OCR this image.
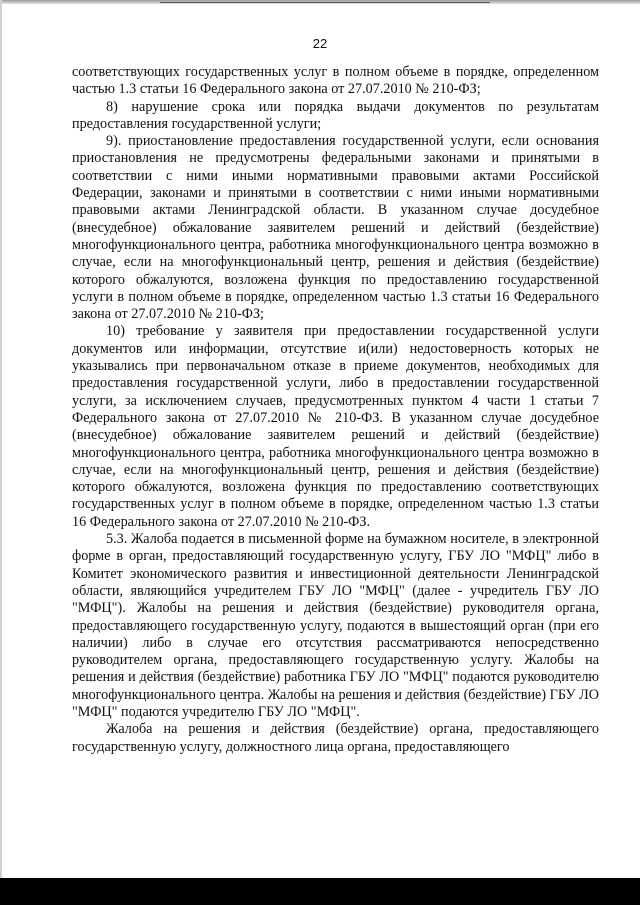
22

соответствующих государственных услуг в полном объеме в порядке, определенном частью 1.3 статьи 16 Федерального закона от 27.07.2010 № 210-ФЗ;

8) нарушение срока или порядка выдачи документов по результатам предоставления государственной услуги;

9). приостановление предоставления государственной услуги, если основания приостановления не предусмотрены федеральными законами и принятыми в соответствии с ними иными нормативными правовыми актами Российской Федерации, законами и принятыми в соответствии с ними иными нормативными правовыми актами Ленинградской области. В указанном случае досудебное (внесудебное) обжалование заявителем решений и действий (бездействие) многофункционального центра, работника многофункционального центра возможно в случае, если на многофункциональный центр, решения и действия (бездействие) которого обжалуются, возложена функция по предоставлению государственной услуги в полном объеме в порядке, определенном частью 1.3 статьи 16 Федерального закона от 27.07.2010 № 210-ФЗ;

10) требование у заявителя при предоставлении государственной услуги документов или информации, отсутствие и(или) недостоверность которых не указывались при первоначальном отказе в приеме документов, необходимых для предоставления государственной услуги, либо в предоставлении государственной услуги, за исключением случаев, предусмотренных пунктом 4 части 1 статьи 7 Федерального закона от 27.07.2010 № 210-ФЗ. В указанном случае досудебное (внесудебное) обжалование заявителем решений и действий (бездействие) многофункционального центра, работника многофункционального центра возможно в случае, если на многофункциональный центр, решения и действия (бездействие) которого обжалуются, возложена функция по предоставлению соответствующих государственных услуг в полном объеме в порядке, определенном частью 1.3 статьи 16 Федерального закона от 27.07.2010 № 210-ФЗ.

5.3. Жалоба подается в письменной форме на бумажном носителе, в электронной форме в орган, предоставляющий государственную услугу, ГБУ ЛО "МФЦ" либо в Комитет экономического развития и инвестиционной деятельности Ленинградской области, являющийся учредителем ГБУ ЛО "МФЦ" (далее - учредитель ГБУ ЛО "МФЦ"). Жалобы на решения и действия (бездействие) руководителя органа, предоставляющего государственную услугу, подаются в вышестоящий орган (при его наличии) либо в случае его отсутствия рассматриваются непосредственно руководителем органа, предоставляющего государственную услугу. Жалобы на решения и действия (бездействие) работника ГБУ ЛО "МФЦ" подаются руководителю многофункционального центра. Жалобы на решения и действия (бездействие) ГБУ ЛО "МФЦ" подаются учредителю ГБУ ЛО "МФЦ".

Жалоба на решения и действия (бездействие) органа, предоставляющего государственную услугу, должностного лица органа, предоставляющего
